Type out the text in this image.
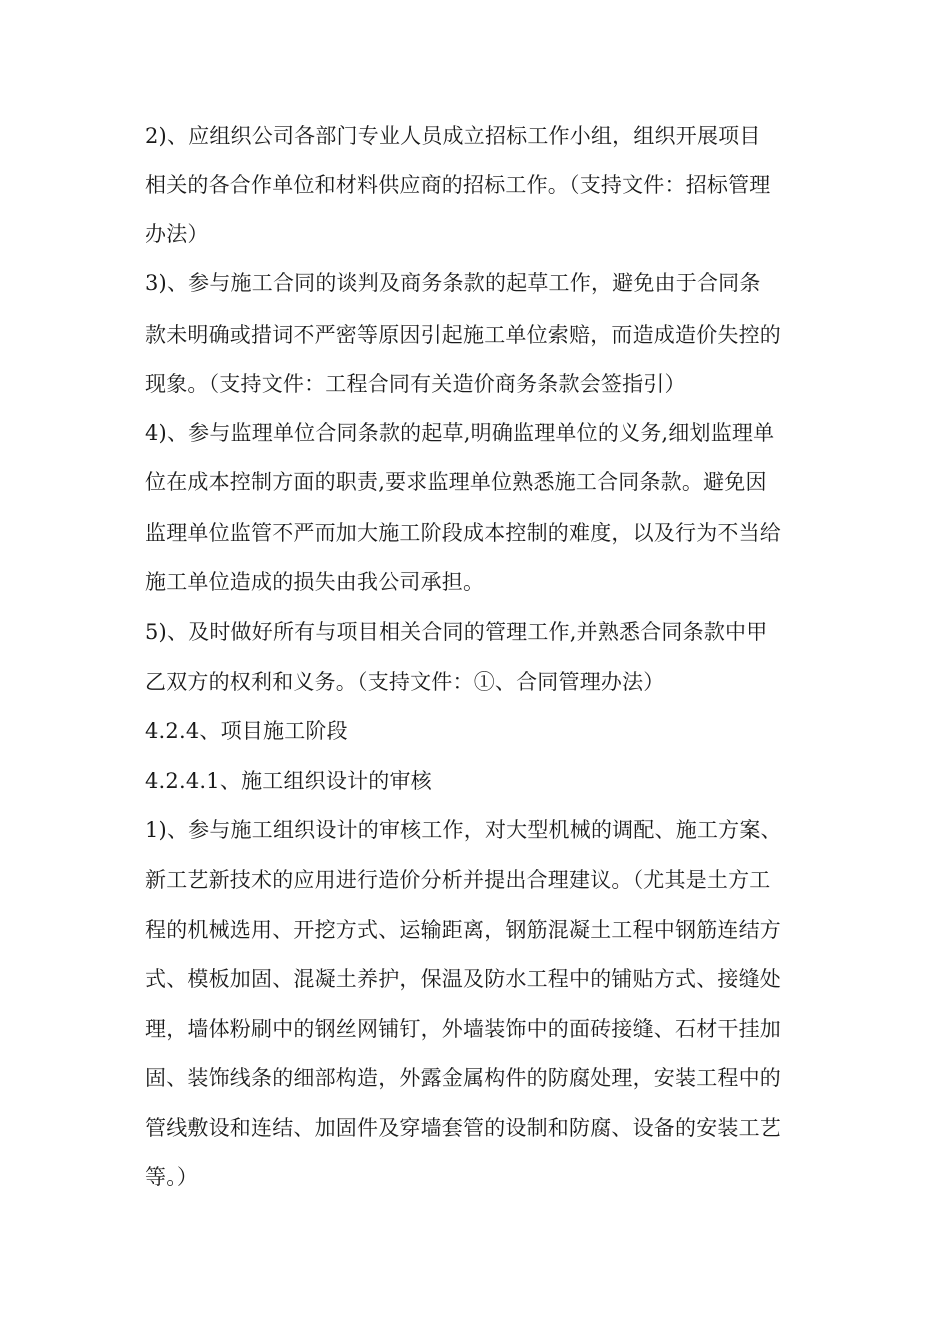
2)、应组织公司各部门专业人员成立招标工作小组，组织开展项目
相关的各合作单位和材料供应商的招标工作。（支持文件：招标管理
办法）
3)、参与施工合同的谈判及商务条款的起草工作，避免由于合同条
款未明确或措词不严密等原因引起施工单位索赔，而造成造价失控的
现象。（支持文件：工程合同有关造价商务条款会签指引）
4)、参与监理单位合同条款的起草,明确监理单位的义务,细划监理单
位在成本控制方面的职责,要求监理单位熟悉施工合同条款。避免因
监理单位监管不严而加大施工阶段成本控制的难度，以及行为不当给
施工单位造成的损失由我公司承担。
5)、及时做好所有与项目相关合同的管理工作,并熟悉合同条款中甲
乙双方的权利和义务。（支持文件：①、合同管理办法）
4.2.4、项目施工阶段
4.2.4.1、施工组织设计的审核
1)、参与施工组织设计的审核工作，对大型机械的调配、施工方案、
新工艺新技术的应用进行造价分析并提出合理建议。（尤其是土方工
程的机械选用、开挖方式、运输距离，钢筋混凝土工程中钢筋连结方
式、模板加固、混凝土养护，保温及防水工程中的铺贴方式、接缝处
理，墙体粉刷中的钢丝网铺钉，外墙装饰中的面砖接缝、石材干挂加
固、装饰线条的细部构造，外露金属构件的防腐处理，安装工程中的
管线敷设和连结、加固件及穿墙套管的设制和防腐、设备的安装工艺
等。）
